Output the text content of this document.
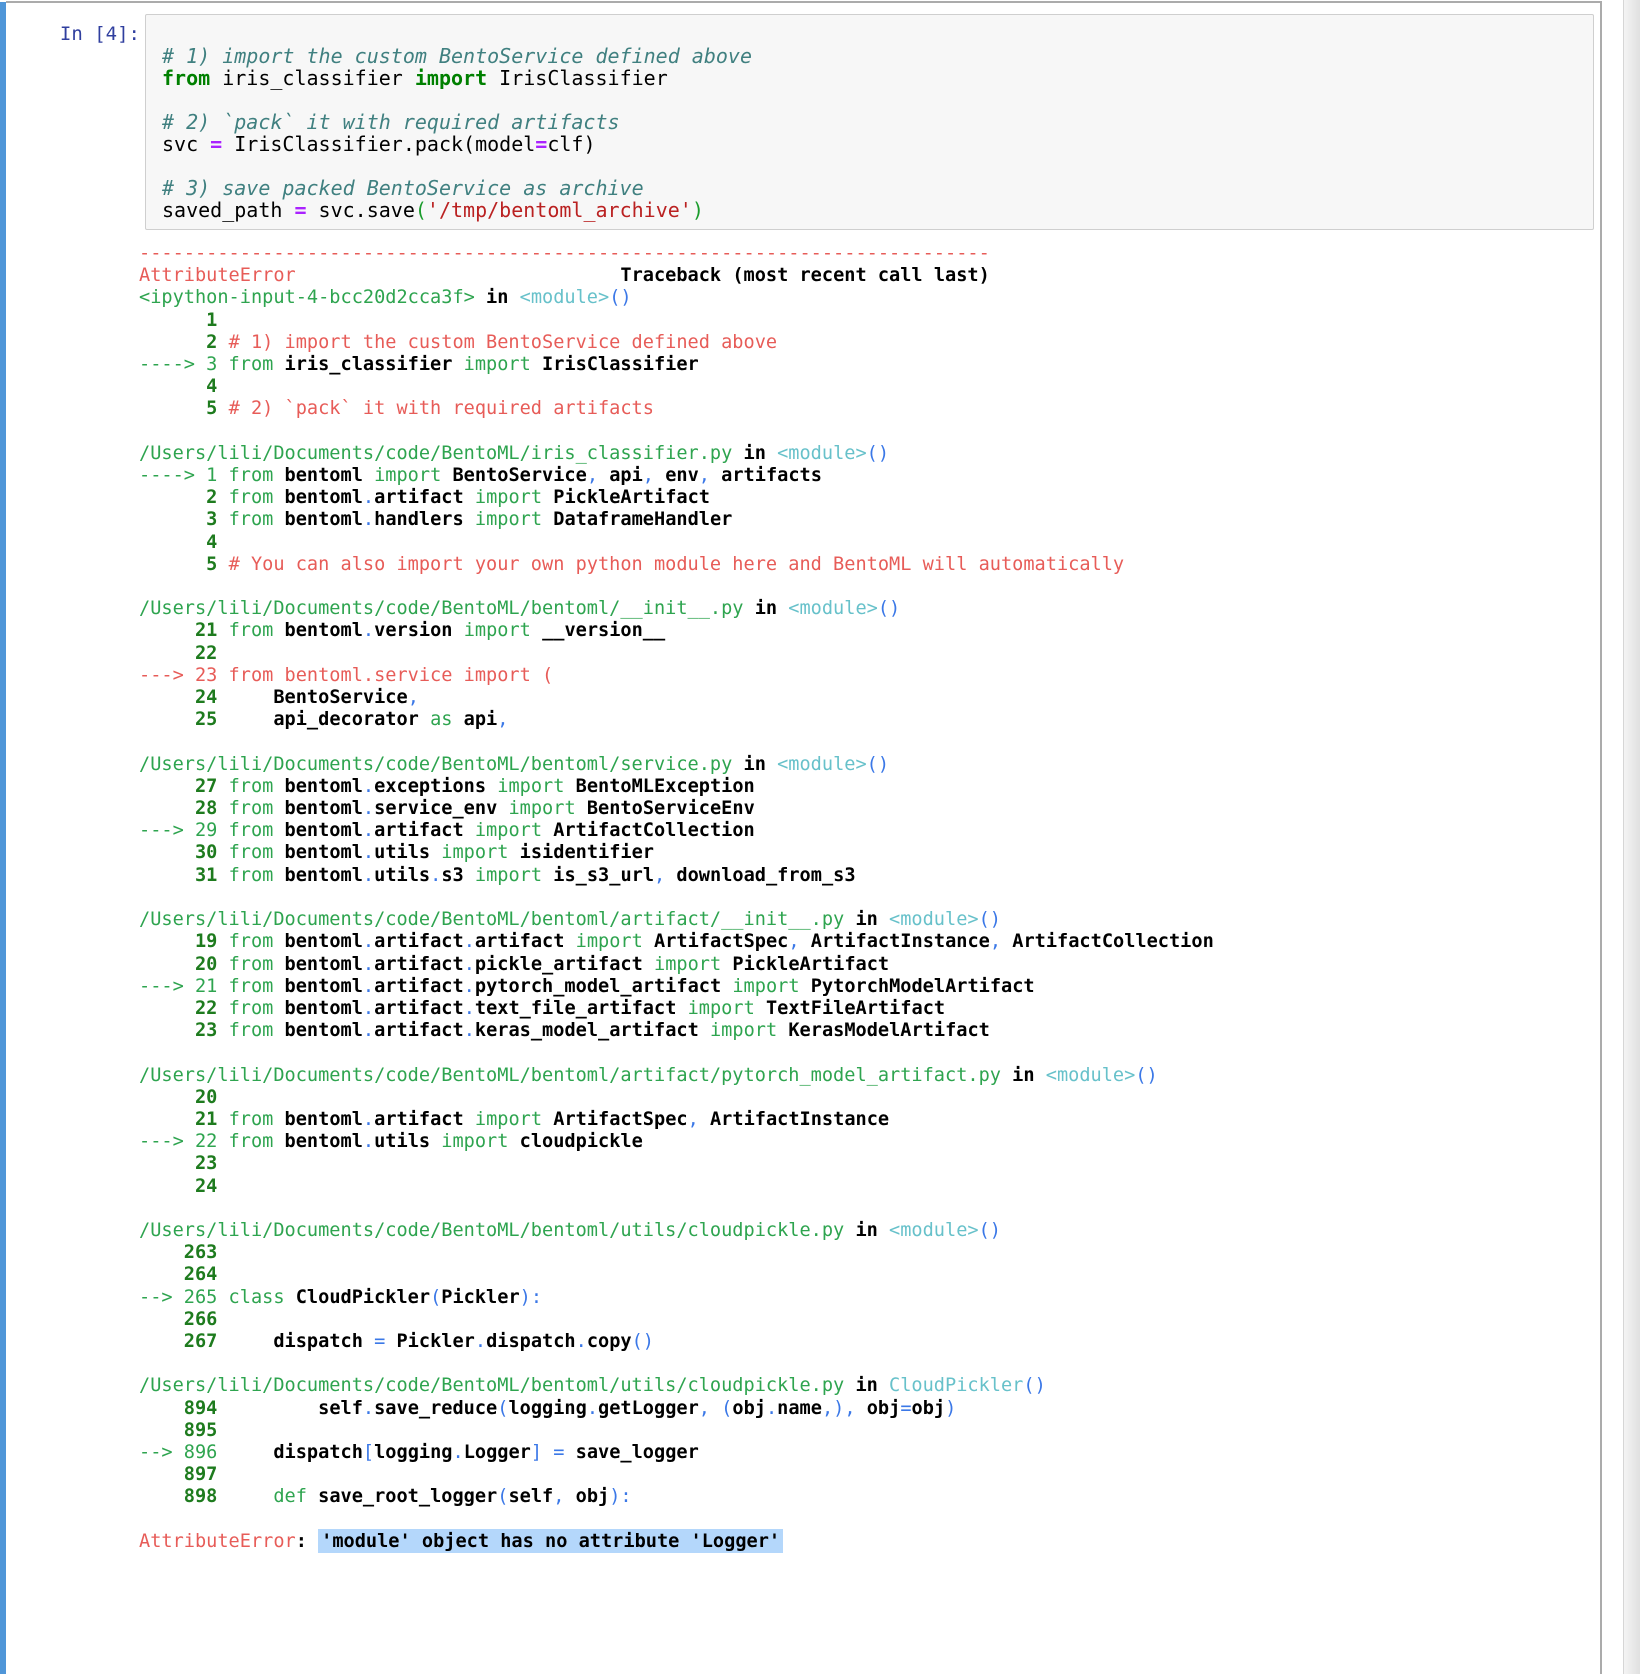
In [4]:

# 1) import the custom BentoService defined above
from iris_classifier import IrisClassifier

# 2) `pack` it with required artifacts
svc = IrisClassifier.pack(model=clf)

# 3) save packed BentoService as archive
saved_path = svc.save('/tmp/bentoml_archive')
----------------------------------------------------------------------------
AttributeError	Traceback (most recent call last)
<ipython-input-4-bcc20d2cca3f> in <module>()
1
2 # 1) import the custom BentoService defined above
----> 3 from iris_classifier import IrisClassifier
4
5 # 2) `pack` it with required artifacts

/Users/lili/Documents/code/BentoML/iris_classifier.py in <module>()
----> 1 from bentoml import BentoService, api, env, artifacts
2 from bentoml.artifact import PickleArtifact
3 from bentoml.handlers import DataframeHandler
4
5 # You can also import your own python module here and BentoML will automatically

/Users/lili/Documents/code/BentoML/bentoml/__init__.py in <module>()
21 from bentoml.version import __version__
22
---> 23 from bentoml.service import (
24     BentoService,
25     api_decorator as api,

/Users/lili/Documents/code/BentoML/bentoml/service.py in <module>()
27 from bentoml.exceptions import BentoMLException
28 from bentoml.service_env import BentoServiceEnv
---> 29 from bentoml.artifact import ArtifactCollection
30 from bentoml.utils import isidentifier
31 from bentoml.utils.s3 import is_s3_url, download_from_s3

/Users/lili/Documents/code/BentoML/bentoml/artifact/__init__.py in <module>()
19 from bentoml.artifact.artifact import ArtifactSpec, ArtifactInstance, ArtifactCollection
20 from bentoml.artifact.pickle_artifact import PickleArtifact
---> 21 from bentoml.artifact.pytorch_model_artifact import PytorchModelArtifact
22 from bentoml.artifact.text_file_artifact import TextFileArtifact
23 from bentoml.artifact.keras_model_artifact import KerasModelArtifact

/Users/lili/Documents/code/BentoML/bentoml/artifact/pytorch_model_artifact.py in <module>()
20
21 from bentoml.artifact import ArtifactSpec, ArtifactInstance
---> 22 from bentoml.utils import cloudpickle
23
24

/Users/lili/Documents/code/BentoML/bentoml/utils/cloudpickle.py in <module>()
263
264
--> 265 class CloudPickler(Pickler):
266
267     dispatch = Pickler.dispatch.copy()

/Users/lili/Documents/code/BentoML/bentoml/utils/cloudpickle.py in CloudPickler()
894	self.save_reduce(logging.getLogger, (obj.name,), obj=obj)
895
--> 896     dispatch[logging.Logger] = save_logger
897
898     def save_root_logger(self, obj):

AttributeError: 'module' object has no attribute 'Logger'
